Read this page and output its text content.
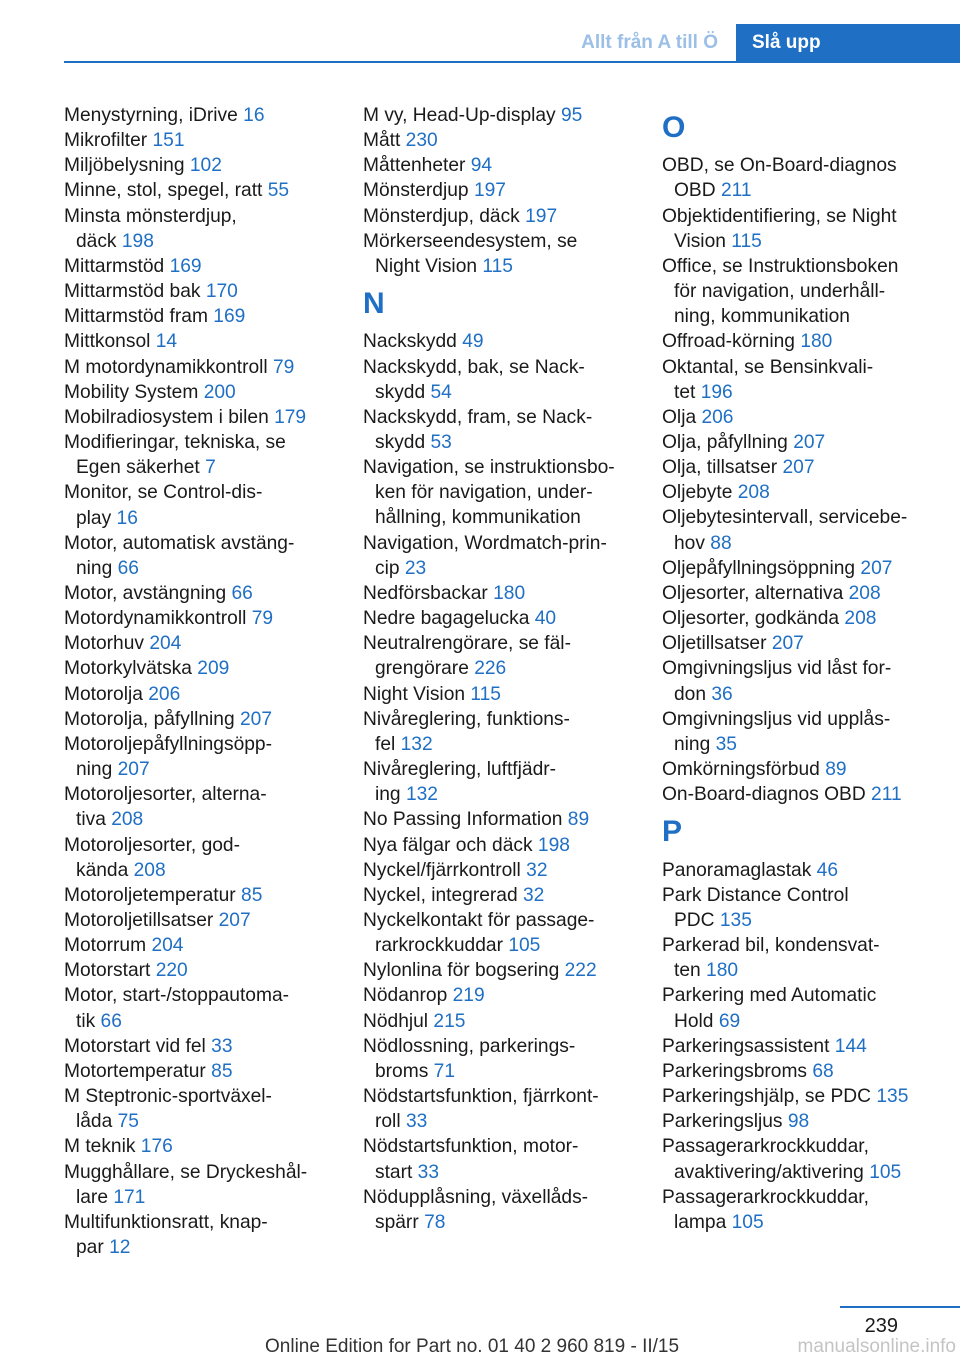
Allt från A till Ö	Slå upp
Menystyrning, iDrive 16
Mikrofilter 151
Miljöbelysning 102
Minne, stol, spegel, ratt 55
Minsta mönsterdjup,
däck 198
Mittarmstöd 169
Mittarmstöd bak 170
Mittarmstöd fram 169
Mittkonsol 14
M motordynamikkontroll 79
Mobility System 200
Mobilradiosystem i bilen 179
Modifieringar, tekniska, se
Egen säkerhet 7
Monitor, se Control-dis‐
play 16
Motor, automatisk avstäng‐
ning 66
Motor, avstängning 66
Motordynamikkontroll 79
Motorhuv 204
Motorkylvätska 209
Motorolja 206
Motorolja, påfyllning 207
Motoroljepåfyllningsöpp‐
ning 207
Motoroljesorter, alterna‐
tiva 208
Motoroljesorter, god‐
kända 208
Motoroljetemperatur 85
Motoroljetillsatser 207
Motorrum 204
Motorstart 220
Motor, start-/stoppautoma‐
tik 66
Motorstart vid fel 33
Motortemperatur 85
M Steptronic-sportväxel‐
låda 75
M teknik 176
Mugghållare, se Dryckeshål‐
lare 171
Multifunktionsratt, knap‐
par 12
M vy, Head-Up-display 95
Mått 230
Måttenheter 94
Mönsterdjup 197
Mönsterdjup, däck 197
Mörkerseendesystem, se
Night Vision 115
N
Nackskydd 49
Nackskydd, bak, se Nack‐
skydd 54
Nackskydd, fram, se Nack‐
skydd 53
Navigation, se instruktionsbo‐
ken för navigation, under‐
hållning, kommunikation
Navigation, Wordmatch-prin‐
cip 23
Nedförsbackar 180
Nedre bagagelucka 40
Neutralrengörare, se fäl‐
grengörare 226
Night Vision 115
Nivåreglering, funktions‐
fel 132
Nivåreglering, luftfjädr‐
ing 132
No Passing Information 89
Nya fälgar och däck 198
Nyckel/fjärrkontroll 32
Nyckel, integrerad 32
Nyckelkontakt för passage‐
rarkrockkuddar 105
Nylonlina för bogsering 222
Nödanrop 219
Nödhjul 215
Nödlossning, parkerings‐
broms 71
Nödstartsfunktion, fjärrkont‐
roll 33
Nödstartsfunktion, motor‐
start 33
Nödupplåsning, växellåds‐
spärr 78
O
OBD, se On-Board-diagnos
OBD 211
Objektidentifiering, se Night
Vision 115
Office, se Instruktionsboken
för navigation, underhåll‐
ning, kommunikation
Offroad-körning 180
Oktantal, se Bensinkvali‐
tet 196
Olja 206
Olja, påfyllning 207
Olja, tillsatser 207
Oljebyte 208
Oljebytesintervall, servicebe‐
hov 88
Oljepåfyllningsöppning 207
Oljesorter, alternativa 208
Oljesorter, godkända 208
Oljetillsatser 207
Omgivningsljus vid låst for‐
don 36
Omgivningsljus vid upplås‐
ning 35
Omkörningsförbud 89
On-Board-diagnos OBD 211
P
Panoramaglastak 46
Park Distance Control
PDC 135
Parkerad bil, kondensvat‐
ten 180
Parkering med Automatic
Hold 69
Parkeringsassistent 144
Parkeringsbroms 68
Parkeringshjälp, se PDC 135
Parkeringsljus 98
Passagerarkrockkuddar,
avaktivering/aktivering 105
Passagerarkrockkuddar,
lampa 105
239
Online Edition for Part no. 01 40 2 960 819 - II/15	manualsonline.info
